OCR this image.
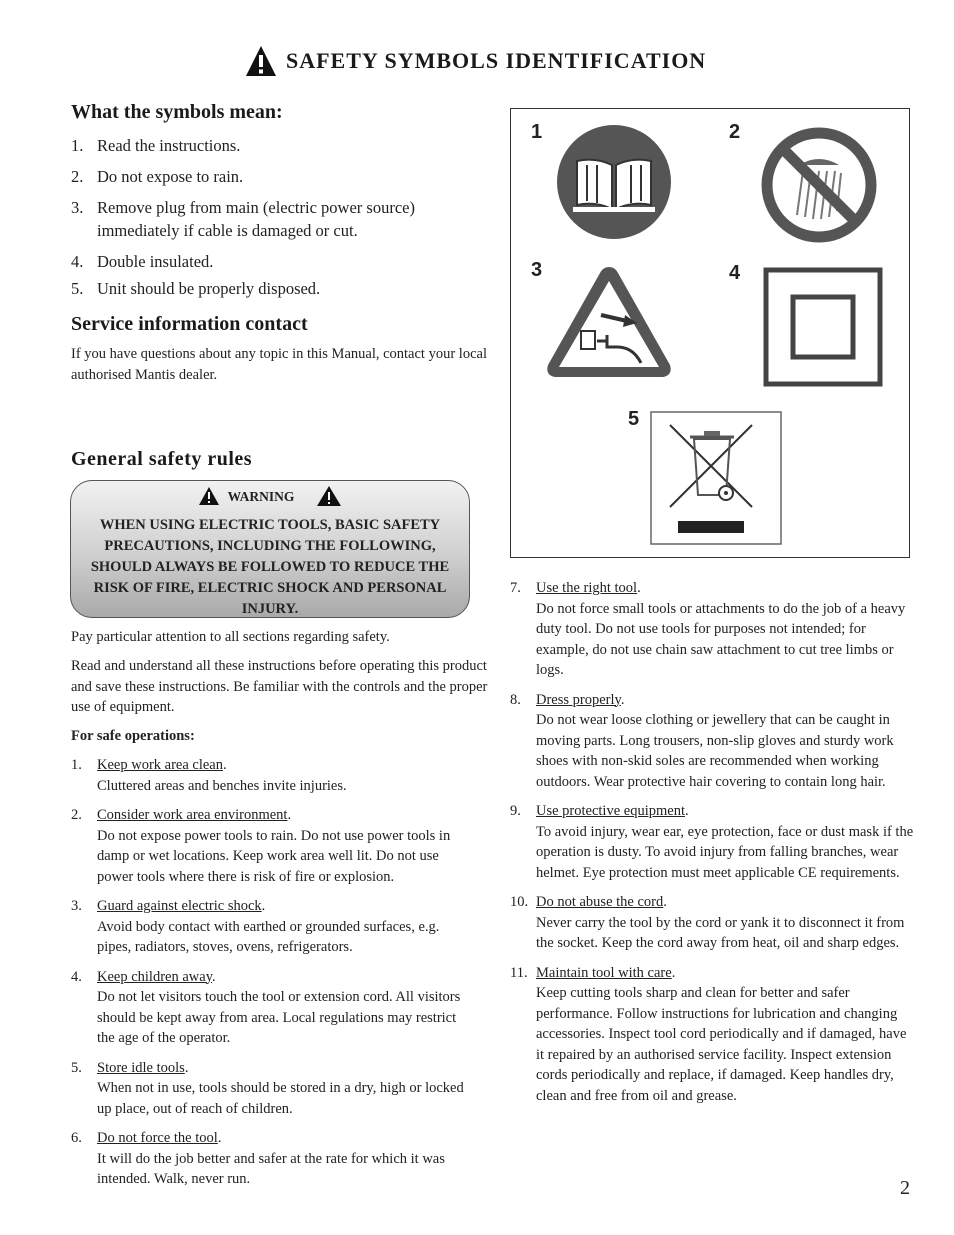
SAFETY SYMBOLS IDENTIFICATION
What the symbols mean:
1. Read the instructions.
2. Do not expose to rain.
3. Remove plug from main (electric power source) immediately if cable is damaged or cut.
4. Double insulated.
5. Unit should be properly disposed.
Service information contact
If you have questions about any topic in this Manual, contact your local authorised Mantis dealer.
General safety rules
WARNING
WHEN USING ELECTRIC TOOLS, BASIC SAFETY PRECAUTIONS, INCLUDING THE FOLLOWING, SHOULD ALWAYS BE FOLLOWED TO REDUCE THE RISK OF FIRE, ELECTRIC SHOCK AND PERSONAL INJURY.
Pay particular attention to all sections regarding safety.
Read and understand all these instructions before operating this product and save these instructions. Be familiar with the controls and the proper use of equipment.
For safe operations:
1.	Keep work area clean.
Cluttered areas and benches invite injuries.
2.	Consider work area environment.
Do not expose power tools to rain. Do not use power tools in damp or wet locations. Keep work area well lit. Do not use power tools where there is risk of fire or explosion.
3.	Guard against electric shock.
Avoid body contact with earthed or grounded surfaces, e.g. pipes, radiators, stoves, ovens, refrigerators.
4.	Keep children away.
Do not let visitors touch the tool or extension cord. All visitors should be kept away from area. Local regulations may restrict the age of the operator.
5.	Store idle tools.
When not in use, tools should be stored in a dry, high or locked up place, out of reach of children.
6.	Do not force the tool.
It will do the job better and safer at the rate for which it was intended. Walk, never run.
7.	Use the right tool.
Do not force small tools or attachments to do the job of a heavy duty tool. Do not use tools for purposes not intended; for example, do not use chain saw attachment to cut tree limbs or logs.
8.	Dress properly.
Do not wear loose clothing or jewellery that can be caught in moving parts. Long trousers, non-slip gloves and sturdy work shoes with non-skid soles are recommended when working outdoors. Wear protective hair covering to contain long hair.
9.	Use protective equipment.
To avoid injury, wear ear, eye protection, face or dust mask if the operation is dusty. To avoid injury from falling branches, wear helmet. Eye protection must meet applicable CE requirements.
10. Do not abuse the cord.
Never carry the tool by the cord or yank it to disconnect it from the socket. Keep the cord away from heat, oil and sharp edges.
11. Maintain tool with care.
Keep cutting tools sharp and clean for better and safer performance. Follow instructions for lubrication and changing accessories. Inspect tool cord periodically and if damaged, have it repaired by an authorised service facility. Inspect extension cords periodically and replace, if damaged. Keep handles dry, clean and free from oil and grease.
1	2
3	4
5
2
